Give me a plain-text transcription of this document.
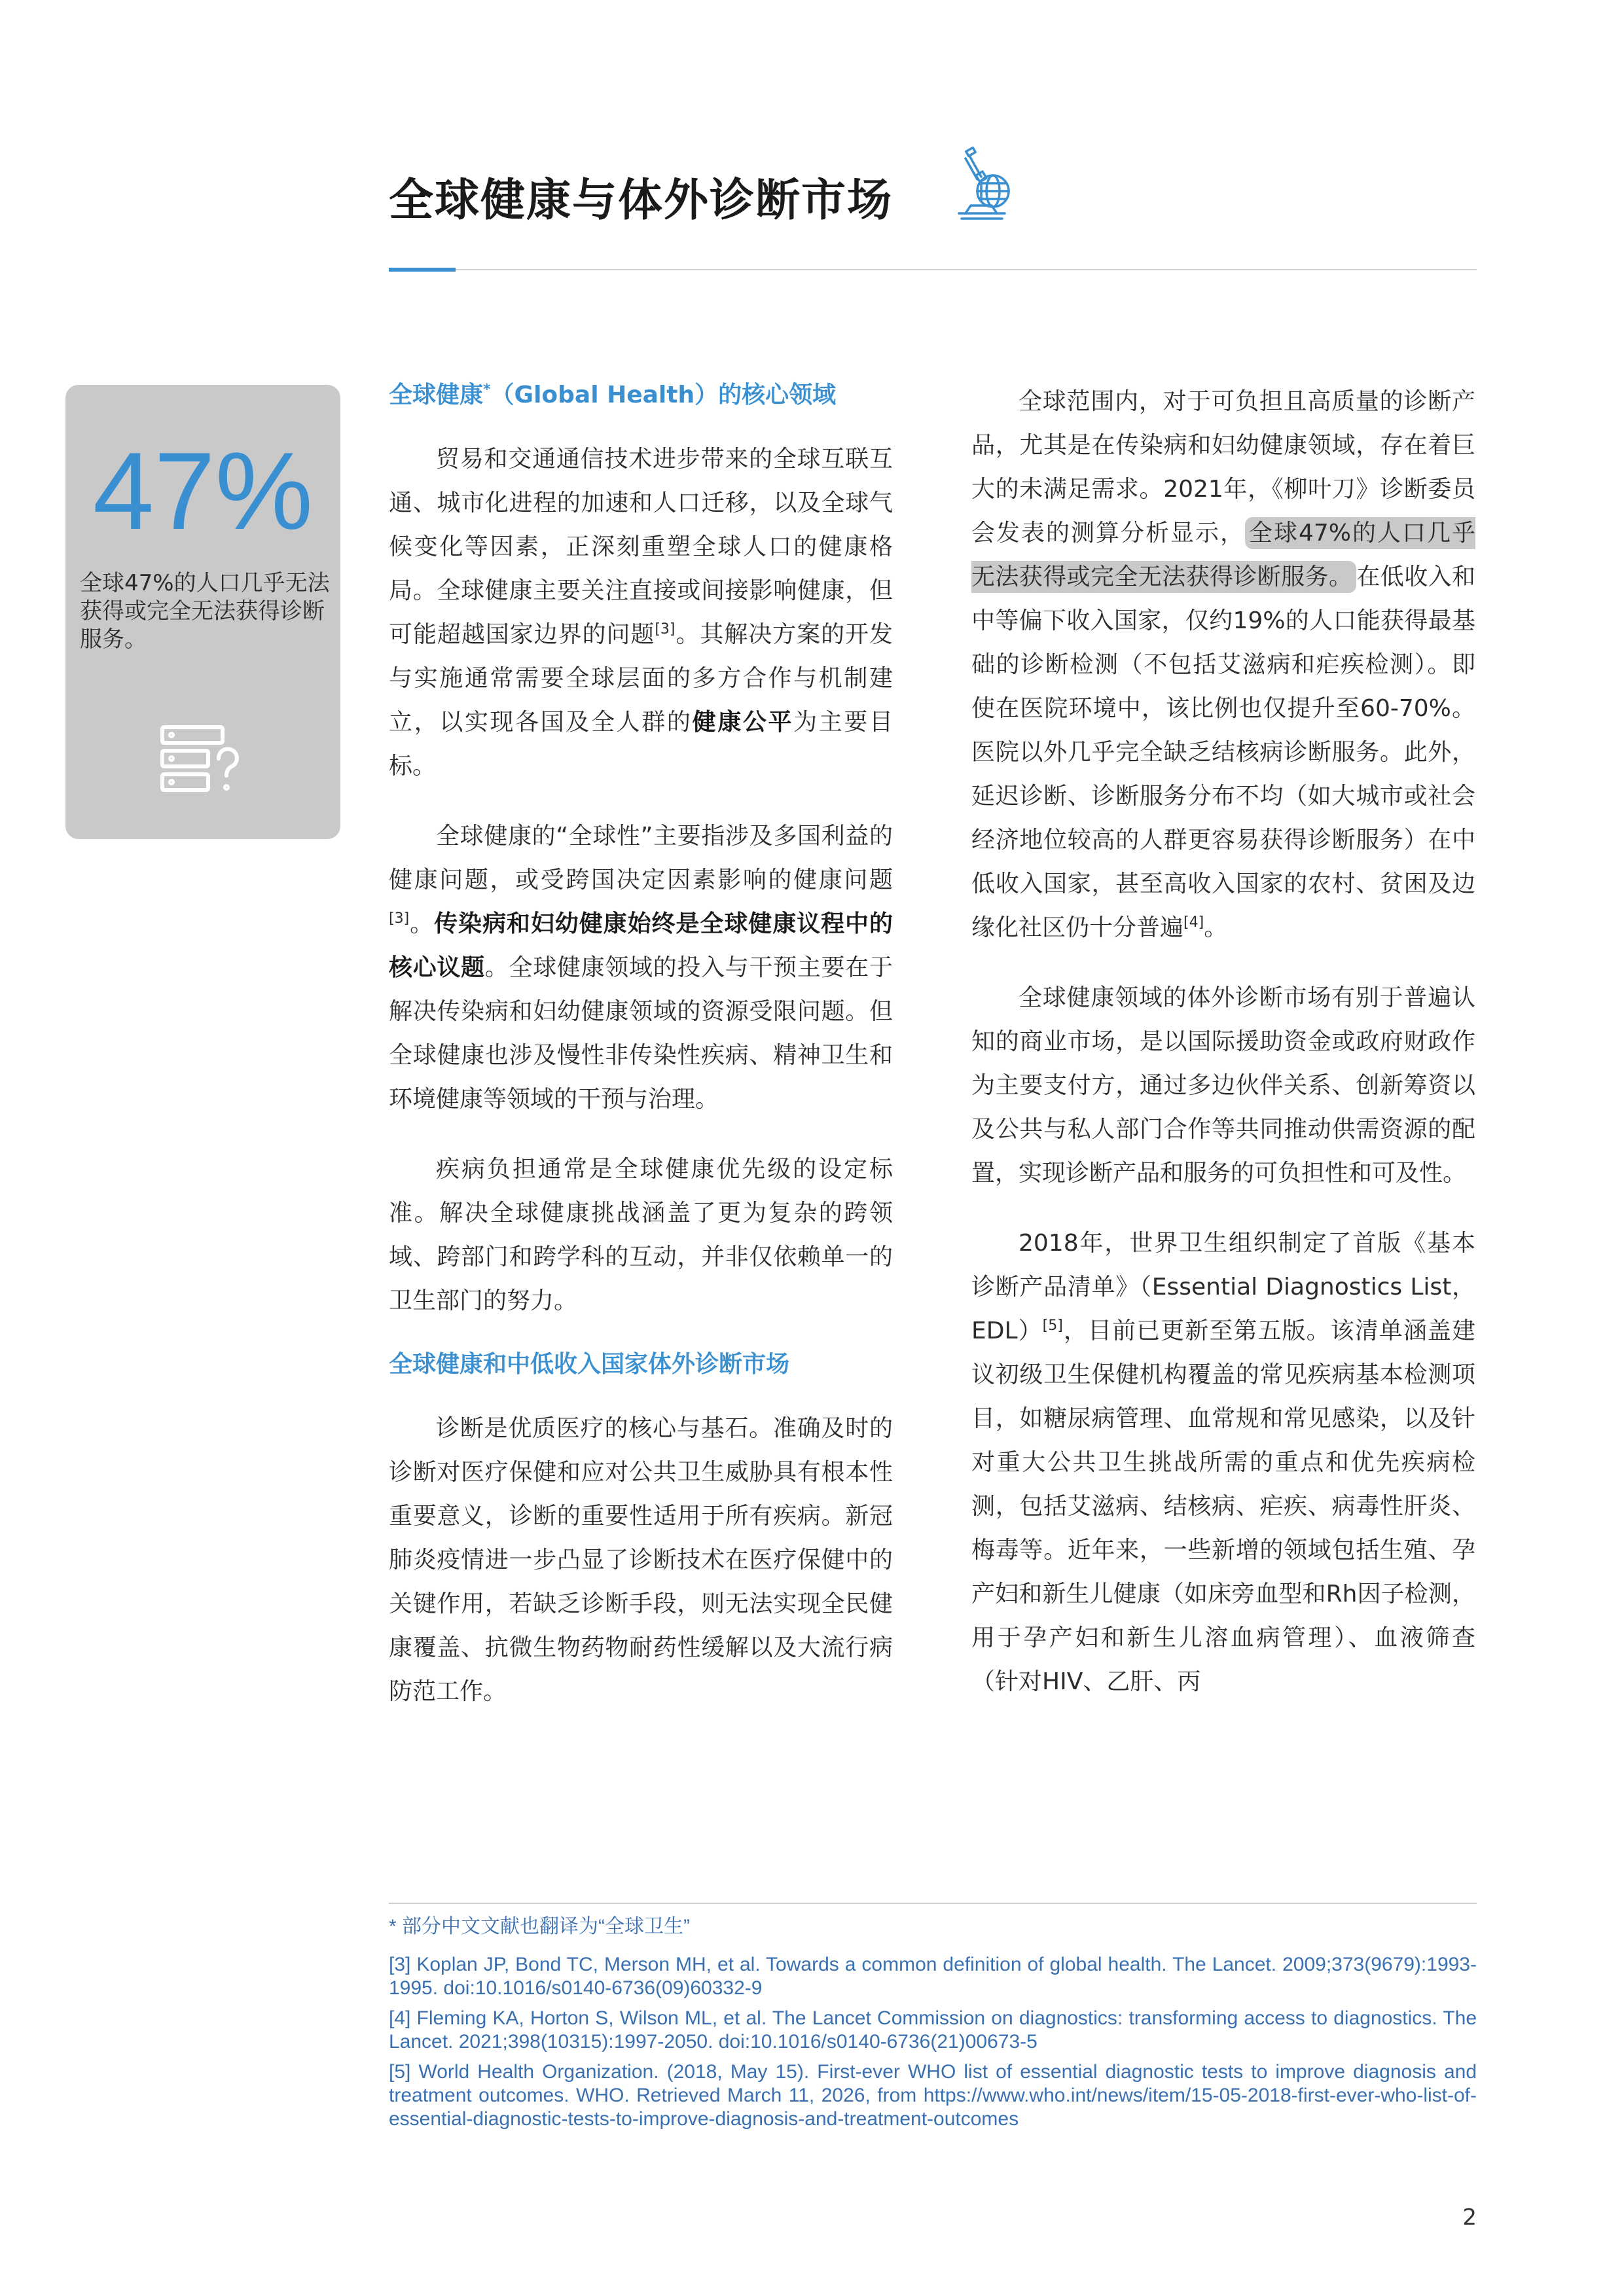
全球健康与体外诊断市场
47%

全球47%的人口几乎无法获得或完全无法获得诊断服务。

全球健康*（Global Health）的核心领域

贸易和交通通信技术进步带来的全球互联互通、城市化进程的加速和人口迁移，以及全球气候变化等因素，正深刻重塑全球人口的健康格局。全球健康主要关注直接或间接影响健康，但可能超越国家边界的问题[3]。其解决方案的开发与实施通常需要全球层面的多方合作与机制建立，以实现各国及全人群的健康公平为主要目标。

全球健康的“全球性”主要指涉及多国利益的健康问题，或受跨国决定因素影响的健康问题[3]。传染病和妇幼健康始终是全球健康议程中的核心议题。全球健康领域的投入与干预主要在于解决传染病和妇幼健康领域的资源受限问题。但全球健康也涉及慢性非传染性疾病、精神卫生和环境健康等领域的干预与治理。

疾病负担通常是全球健康优先级的设定标准。解决全球健康挑战涵盖了更为复杂的跨领域、跨部门和跨学科的互动，并非仅依赖单一的卫生部门的努力。

全球健康和中低收入国家体外诊断市场

诊断是优质医疗的核心与基石。准确及时的诊断对医疗保健和应对公共卫生威胁具有根本性重要意义，诊断的重要性适用于所有疾病。新冠肺炎疫情进一步凸显了诊断技术在医疗保健中的关键作用，若缺乏诊断手段，则无法实现全民健康覆盖、抗微生物药物耐药性缓解以及大流行病防范工作。

全球范围内，对于可负担且高质量的诊断产品，尤其是在传染病和妇幼健康领域，存在着巨大的未满足需求。2021年，《柳叶刀》诊断委员会发表的测算分析显示， 全球47%的人口几乎无法获得或完全无法获得诊断服务。 在低收入和中等偏下收入国家，仅约19%的人口能获得最基础的诊断检测（不包括艾滋病和疟疾检测）。即使在医院环境中，该比例也仅提升至60-70%。医院以外几乎完全缺乏结核病诊断服务。此外，延迟诊断、诊断服务分布不均（如大城市或社会经济地位较高的人群更容易获得诊断服务）在中低收入国家，甚至高收入国家的农村、贫困及边缘化社区仍十分普遍[4]。

全球健康领域的体外诊断市场有别于普遍认知的商业市场，是以国际援助资金或政府财政作为主要支付方，通过多边伙伴关系、创新筹资以及公共与私人部门合作等共同推动供需资源的配置，实现诊断产品和服务的可负担性和可及性。

2018年，世界卫生组织制定了首版《基本诊断产品清单》（Essential Diagnostics List，EDL）[5]，目前已更新至第五版。该清单涵盖建议初级卫生保健机构覆盖的常见疾病基本检测项目，如糖尿病管理、血常规和常见感染，以及针对重大公共卫生挑战所需的重点和优先疾病检测，包括艾滋病、结核病、疟疾、病毒性肝炎、梅毒等。近年来，一些新增的领域包括生殖、孕产妇和新生儿健康（如床旁血型和Rh因子检测，用于孕产妇和新生儿溶血病管理）、血液筛查（针对HIV、乙肝、丙

* 部分中文文献也翻译为“全球卫生”

[3] Koplan JP, Bond TC, Merson MH, et al. Towards a common definition of global health. The Lancet. 2009;373(9679):1993-1995. doi:10.1016/s0140-6736(09)60332-9

[4] Fleming KA, Horton S, Wilson ML, et al. The Lancet Commission on diagnostics: transforming access to diagnostics. The Lancet. 2021;398(10315):1997-2050. doi:10.1016/s0140-6736(21)00673-5

[5] World Health Organization. (2018, May 15). First-ever WHO list of essential diagnostic tests to improve diagnosis and treatment outcomes. WHO. Retrieved March 11, 2026, from https://www.who.int/news/item/15-05-2018-first-ever-who-list-of-essential-diagnostic-tests-to-improve-diagnosis-and-treatment-outcomes

2
